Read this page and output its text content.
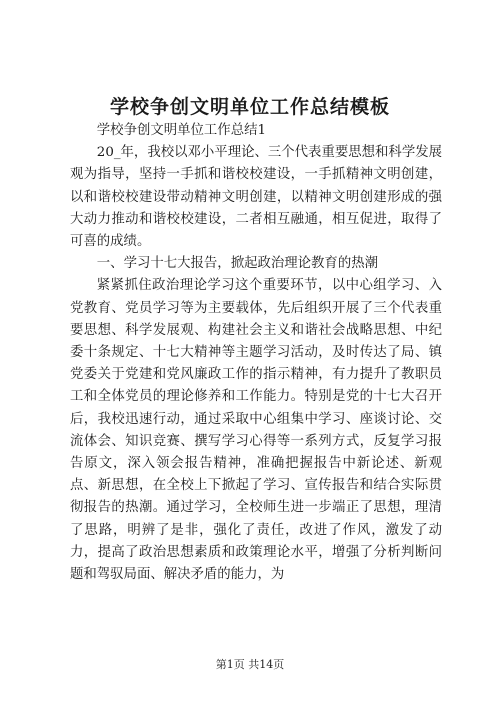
学校争创文明单位工作总结模板

学校争创文明单位工作总结1

20_年，我校以邓小平理论、三个代表重要思想和科学发展观为指导，坚持一手抓和谐校校建设，一手抓精神文明创建，以和谐校校建设带动精神文明创建，以精神文明创建形成的强大动力推动和谐校校建设，二者相互融通，相互促进，取得了可喜的成绩。

一、学习十七大报告，掀起政治理论教育的热潮

紧紧抓住政治理论学习这个重要环节，以中心组学习、入党教育、党员学习等为主要载体，先后组织开展了三个代表重要思想、科学发展观、构建社会主义和谐社会战略思想、中纪委十条规定、十七大精神等主题学习活动，及时传达了局、镇党委关于党建和党风廉政工作的指示精神，有力提升了教职员工和全体党员的理论修养和工作能力。特别是党的十七大召开后，我校迅速行动，通过采取中心组集中学习、座谈讨论、交流体会、知识竞赛、撰写学习心得等一系列方式，反复学习报告原文，深入领会报告精神，准确把握报告中新论述、新观点、新思想，在全校上下掀起了学习、宣传报告和结合实际贯彻报告的热潮。通过学习，全校师生进一步端正了思想，理清了思路，明辨了是非，强化了责任，改进了作风，激发了动力，提高了政治思想素质和政策理论水平，增强了分析判断问题和驾驭局面、解决矛盾的能力，为

第1页 共14页
